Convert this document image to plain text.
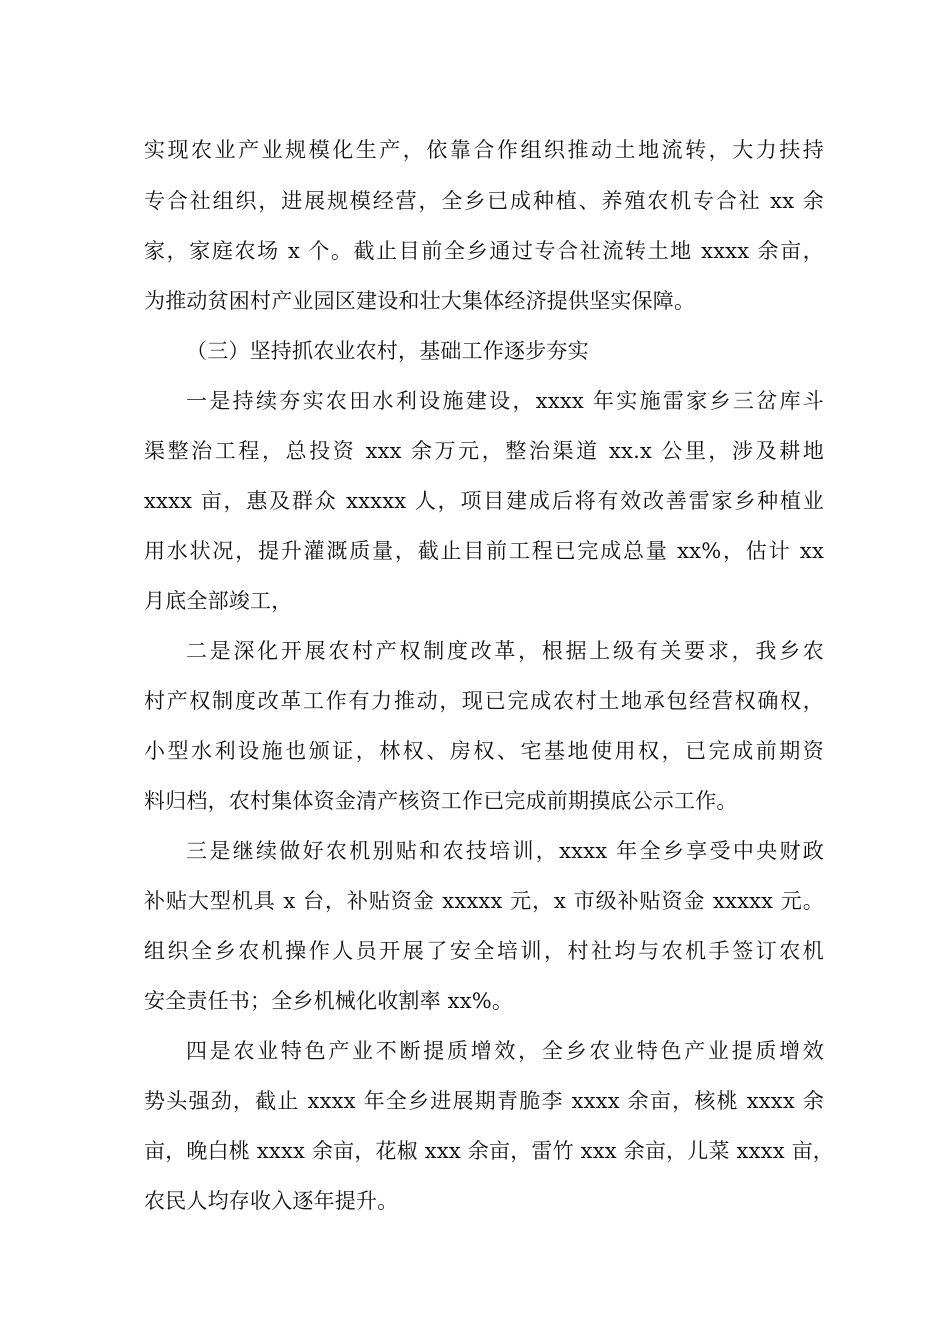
实现农业产业规模化生产，依靠合作组织推动土地流转，大力扶持
专合社组织，进展规模经营，全乡已成种植、养殖农机专合社 xx 余
家，家庭农场 x 个。截止目前全乡通过专合社流转土地 xxxx 余亩，
为推动贫困村产业园区建设和壮大集体经济提供坚实保障。
（三）坚持抓农业农村，基础工作逐步夯实
一是持续夯实农田水利设施建设，xxxx 年实施雷家乡三岔库斗
渠整治工程，总投资 xxx 余万元，整治渠道 xx.x 公里，涉及耕地
xxxx 亩，惠及群众 xxxxx 人，项目建成后将有效改善雷家乡种植业
用水状况，提升灌溉质量，截止目前工程已完成总量 xx%，估计 xx
月底全部竣工，
二是深化开展农村产权制度改革，根据上级有关要求，我乡农
村产权制度改革工作有力推动，现已完成农村土地承包经营权确权，
小型水利设施也颁证，林权、房权、宅基地使用权，已完成前期资
料归档，农村集体资金清产核资工作已完成前期摸底公示工作。
三是继续做好农机别贴和农技培训，xxxx 年全乡享受中央财政
补贴大型机具 x 台，补贴资金 xxxxx 元，x 市级补贴资金 xxxxx 元。
组织全乡农机操作人员开展了安全培训，村社均与农机手签订农机
安全责任书；全乡机械化收割率 xx%。
四是农业特色产业不断提质增效，全乡农业特色产业提质增效
势头强劲，截止 xxxx 年全乡进展期青脆李 xxxx 余亩，核桃 xxxx 余
亩，晚白桃 xxxx 余亩，花椒 xxx 余亩，雷竹 xxx 余亩，儿菜 xxxx 亩，
农民人均存收入逐年提升。
